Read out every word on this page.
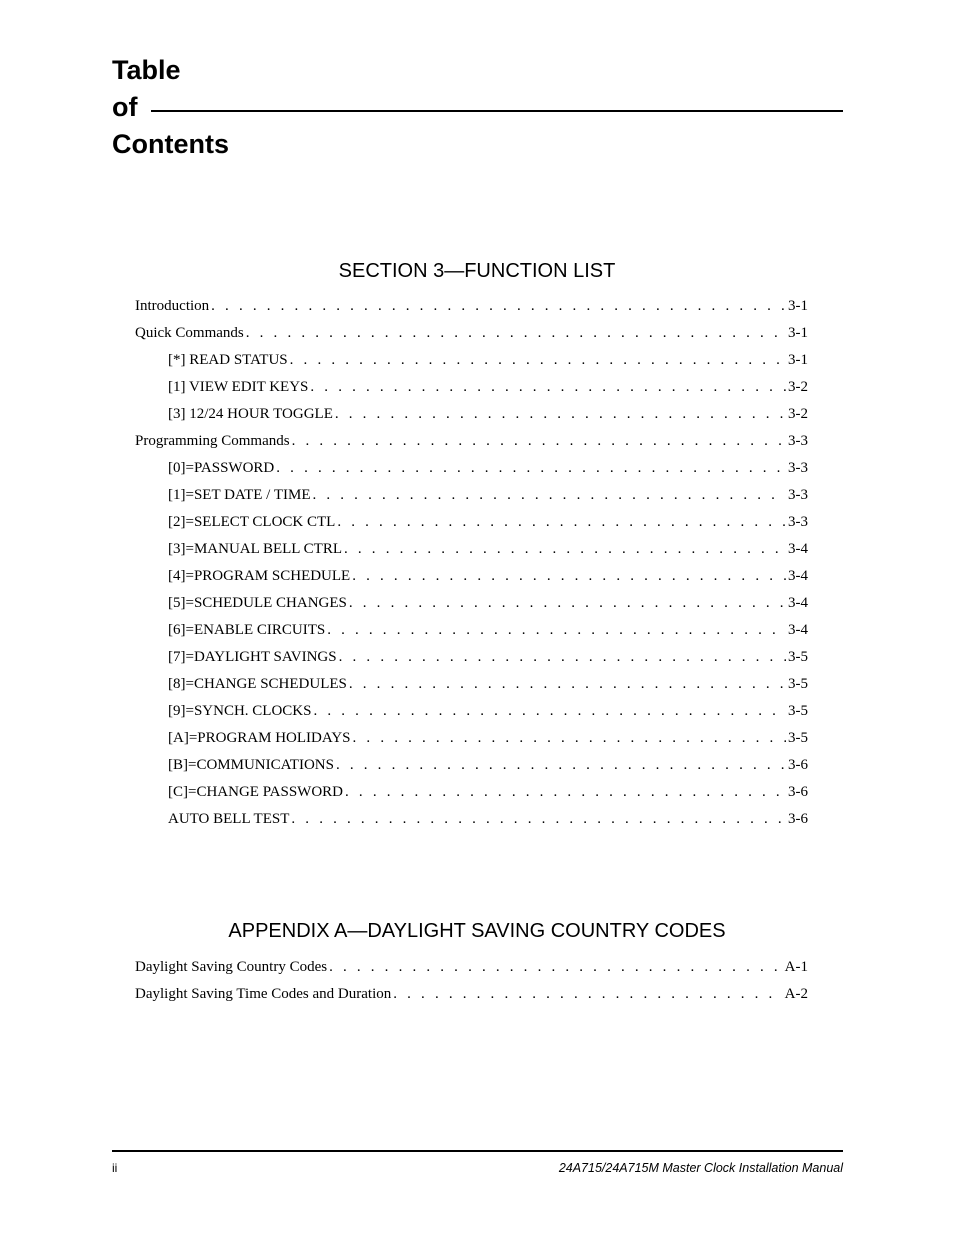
Table
of
Contents
SECTION 3—FUNCTION LIST
Introduction . . .	3-1
Quick Commands . . .	3-1
[*] READ STATUS . . .	3-1
[1] VIEW EDIT KEYS . . .	3-2
[3] 12/24 HOUR TOGGLE . . .	3-2
Programming Commands . . .	3-3
[0]=PASSWORD . . .	3-3
[1]=SET DATE / TIME . . .	3-3
[2]=SELECT CLOCK CTL . . .	3-3
[3]=MANUAL BELL CTRL . . .	3-4
[4]=PROGRAM SCHEDULE . . .	3-4
[5]=SCHEDULE CHANGES . . .	3-4
[6]=ENABLE CIRCUITS . . .	3-4
[7]=DAYLIGHT SAVINGS . . .	3-5
[8]=CHANGE SCHEDULES . . .	3-5
[9]=SYNCH. CLOCKS . . .	3-5
[A]=PROGRAM HOLIDAYS . . .	3-5
[B]=COMMUNICATIONS . . .	3-6
[C]=CHANGE PASSWORD . . .	3-6
AUTO BELL TEST . . .	3-6
APPENDIX A—DAYLIGHT SAVING COUNTRY CODES
Daylight Saving Country Codes . . .	A-1
Daylight Saving Time Codes and Duration . . .	A-2
ii	24A715/24A715M Master Clock Installation Manual
